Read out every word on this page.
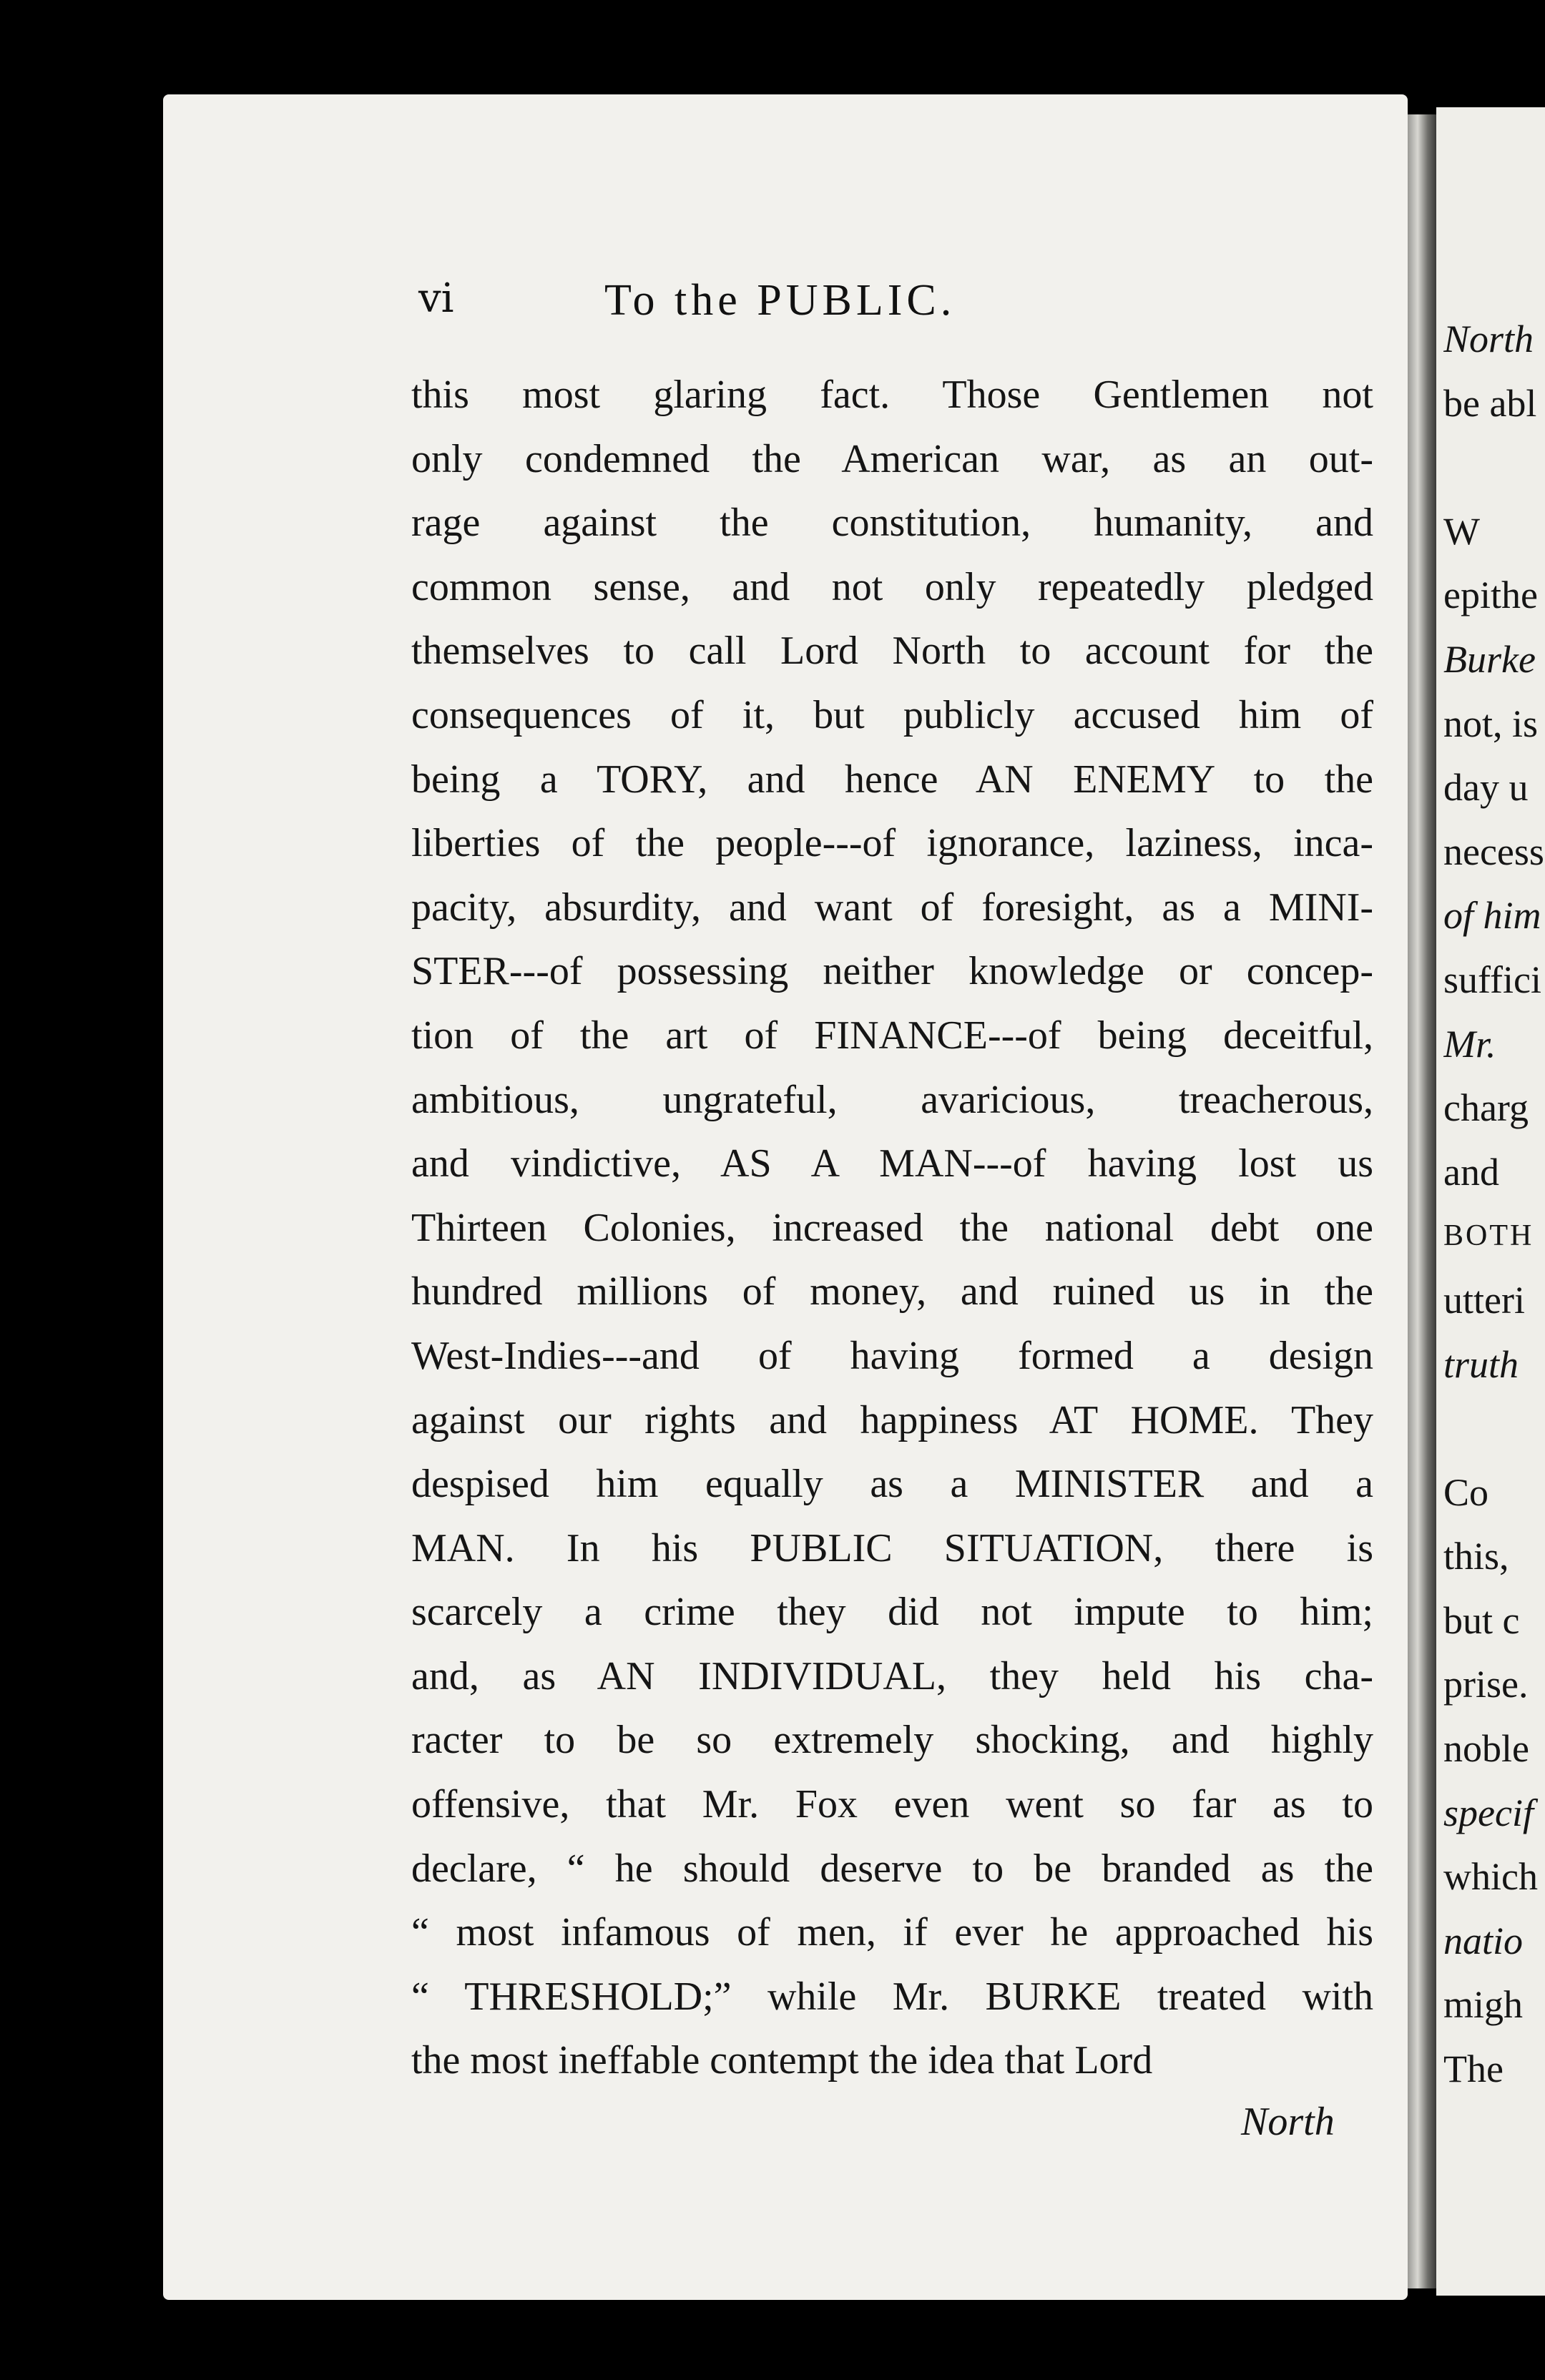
vi	To the PUBLIC.
this most glaring fact. Those Gentlemen not
only condemned the American war, as an out-
rage against the constitution, humanity, and
common sense, and not only repeatedly pledged
themselves to call Lord North to account for the
consequences of it, but publicly accused him of
being a TORY, and hence AN ENEMY to the
liberties of the people---of ignorance, laziness, inca-
pacity, absurdity, and want of foresight, as a MINI-
STER---of possessing neither knowledge or concep-
tion of the art of FINANCE---of being deceitful,
ambitious, ungrateful, avaricious, treacherous,
and vindictive, AS A MAN---of having lost us
Thirteen Colonies, increased the national debt one
hundred millions of money, and ruined us in the
West-Indies---and of having formed a design
against our rights and happiness AT HOME. They
despised him equally as a MINISTER and a
MAN. In his PUBLIC SITUATION, there is
scarcely a crime they did not impute to him;
and, as AN INDIVIDUAL, they held his cha-
racter to be so extremely shocking, and highly
offensive, that Mr. Fox even went so far as to
declare, “ he should deserve to be branded as the
“ most infamous of men, if ever he approached his
“ THRESHOLD;” while Mr. BURKE treated with
the most ineffable contempt the idea that Lord
North
North
be abl
W
epithe
Burke
not, is
day u
necess
of him
suffici
Mr.
charg
and
BOTH
utteri
truth
Co
this,
but c
prise.
noble
specif
which
natio
migh
The
